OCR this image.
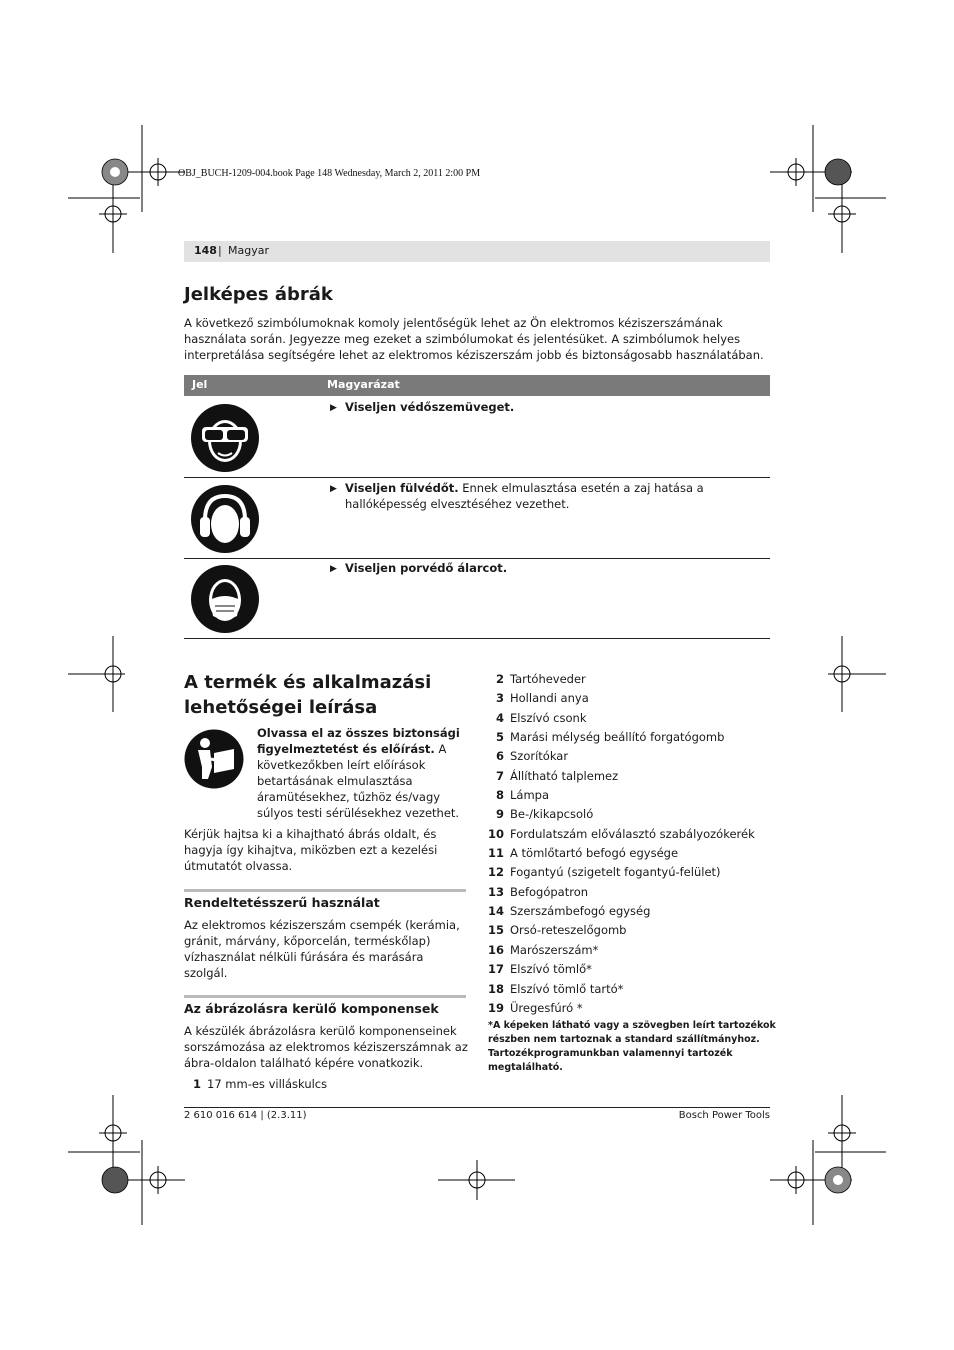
OBJ_BUCH-1209-004.book Page 148 Wednesday, March 2, 2011 2:00 PM
148 | Magyar
Jelképes ábrák

A következő szimbólumoknak komoly jelentőségük lehet az Ön elektromos kéziszerszámának használata során. Jegyezze meg ezeket a szimbólumokat és jelentésüket. A szimbólumok helyes interpretálása segítségére lehet az elektromos kéziszerszám jobb és biztonságosabb használatában.

Jel	Magyarázat
▶ Viseljen védőszemüveget.

▶ Viseljen fülvédőt. Ennek elmulasztása esetén a zaj hatása a hallóképesség elvesztéséhez vezethet.

▶ Viseljen porvédő álarcot.

A termék és alkalmazási lehetőségei leírása

Olvassa el az összes biztonsági figyelmeztetést és előírást. A következőkben leírt előírások betartásának elmulasztása áramütésekhez, tűzhöz és/vagy súlyos testi sérülésekhez vezethet.

Kérjük hajtsa ki a kihajtható ábrás oldalt, és hagyja így kihajtva, miközben ezt a kezelési útmutatót olvassa.

Rendeltetésszerű használat

Az elektromos kéziszerszám csempék (kerámia, gránit, márvány, kőporcelán, terméskőlap) vízhasználat nélküli fúrására és marására szolgál.

Az ábrázolásra kerülő komponensek

A készülék ábrázolásra kerülő komponenseinek sorszámozása az elektromos kéziszerszámnak az ábra-oldalon található képére vonatkozik.

1 17 mm-es villáskulcs
2 Tartóheveder
3 Hollandi anya
4 Elszívó csonk
5 Marási mélység beállító forgatógomb
6 Szorítókar
7 Állítható talplemez
8 Lámpa
9 Be-/kikapcsoló
10 Fordulatszám előválasztó szabályozókerék
11 A tömlőtartó befogó egysége
12 Fogantyú (szigetelt fogantyú-felület)
13 Befogópatron
14 Szerszámbefogó egység
15 Orsó-reteszelőgomb
16 Marószerszám*
17 Elszívó tömlő*
18 Elszívó tömlő tartó*
19 Üregesfúró *

*A képeken látható vagy a szövegben leírt tartozékok részben nem tartoznak a standard szállítmányhoz. Tartozékprogramunkban valamennyi tartozék megtalálható.

2 610 016 614 | (2.3.11)	Bosch Power Tools
